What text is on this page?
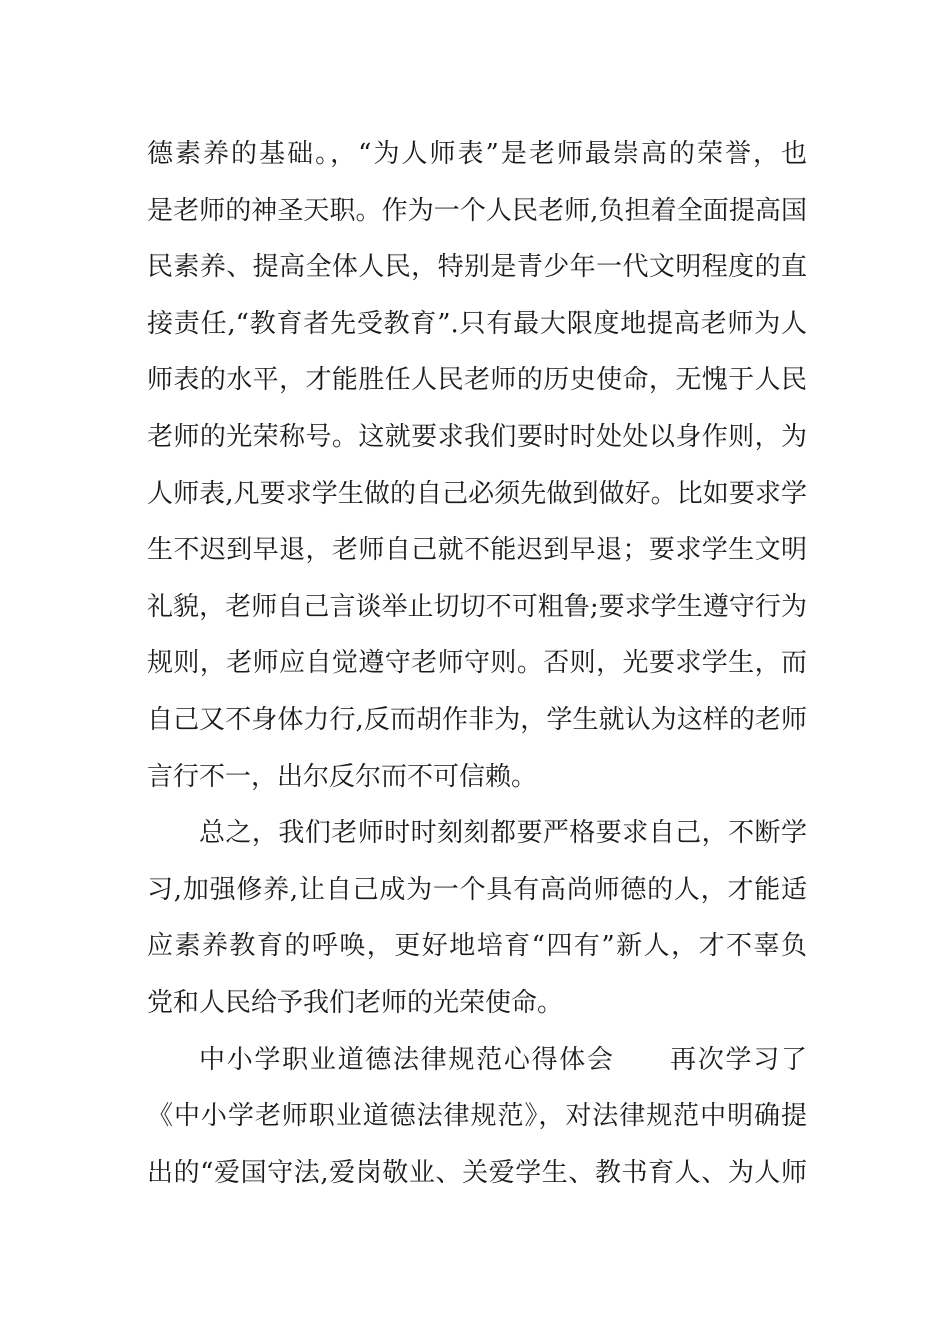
德素养的基础。，“为人师表”是老师最崇高的荣誉，也
是老师的神圣天职。作为一个人民老师,负担着全面提高国
民素养、提高全体人民，特别是青少年一代文明程度的直
接责任,“教育者先受教育”.只有最大限度地提高老师为人
师表的水平，才能胜任人民老师的历史使命，无愧于人民
老师的光荣称号。这就要求我们要时时处处以身作则，为
人师表,凡要求学生做的自己必须先做到做好。比如要求学
生不迟到早退，老师自己就不能迟到早退；要求学生文明
礼貌，老师自己言谈举止切切不可粗鲁;要求学生遵守行为
规则，老师应自觉遵守老师守则。否则，光要求学生，而
自己又不身体力行,反而胡作非为，学生就认为这样的老师
言行不一，出尔反尔而不可信赖。
总之，我们老师时时刻刻都要严格要求自己，不断学
习,加强修养,让自己成为一个具有高尚师德的人，才能适
应素养教育的呼唤，更好地培育“四有”新人，才不辜负
党和人民给予我们老师的光荣使命。
中小学职业道德法律规范心得体会　　再次学习了
《中小学老师职业道德法律规范》，对法律规范中明确提
出的“爱国守法,爱岗敬业、关爱学生、教书育人、为人师
